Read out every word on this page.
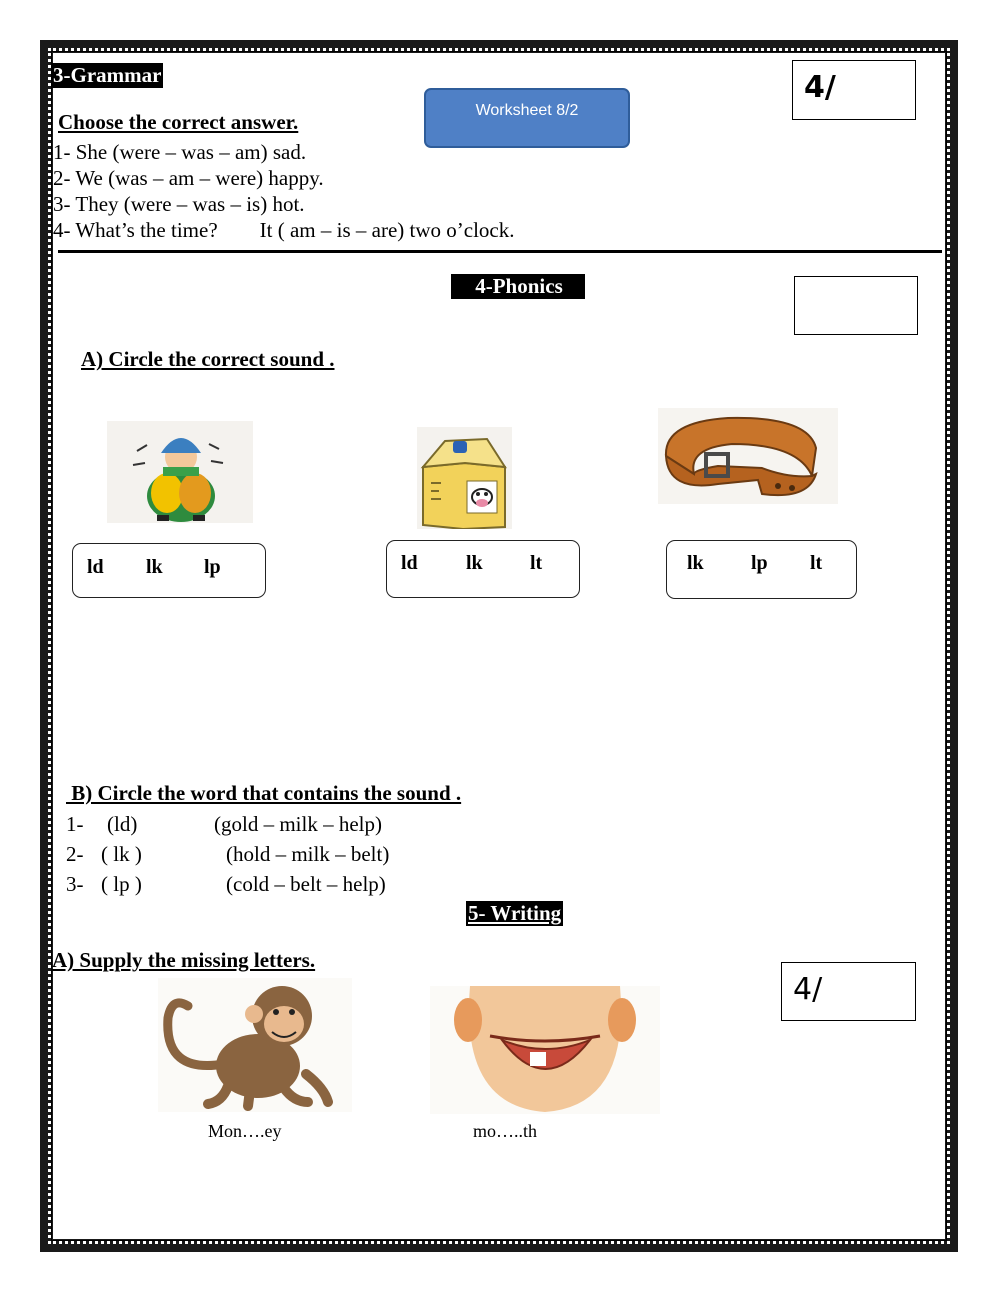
3-Grammar	4/
Worksheet 8/2
Choose the correct answer.
1- She (were – was – am) sad.
2- We (was – am – were) happy.
3- They (were – was – is) hot.
4- What’s the time?        It ( am – is – are) two o’clock.
4-Phonics
A) Circle the correct sound .
ld lk lp	ld lk lt	lk lp lt
B) Circle the word that contains the sound .
1- (ld)	(gold – milk – help)
2- ( lk )	(hold – milk – belt)
3- ( lp )	(cold – belt – help)
5- Writing
A) Supply the missing letters.
4/
Mon….ey	mo…..th
